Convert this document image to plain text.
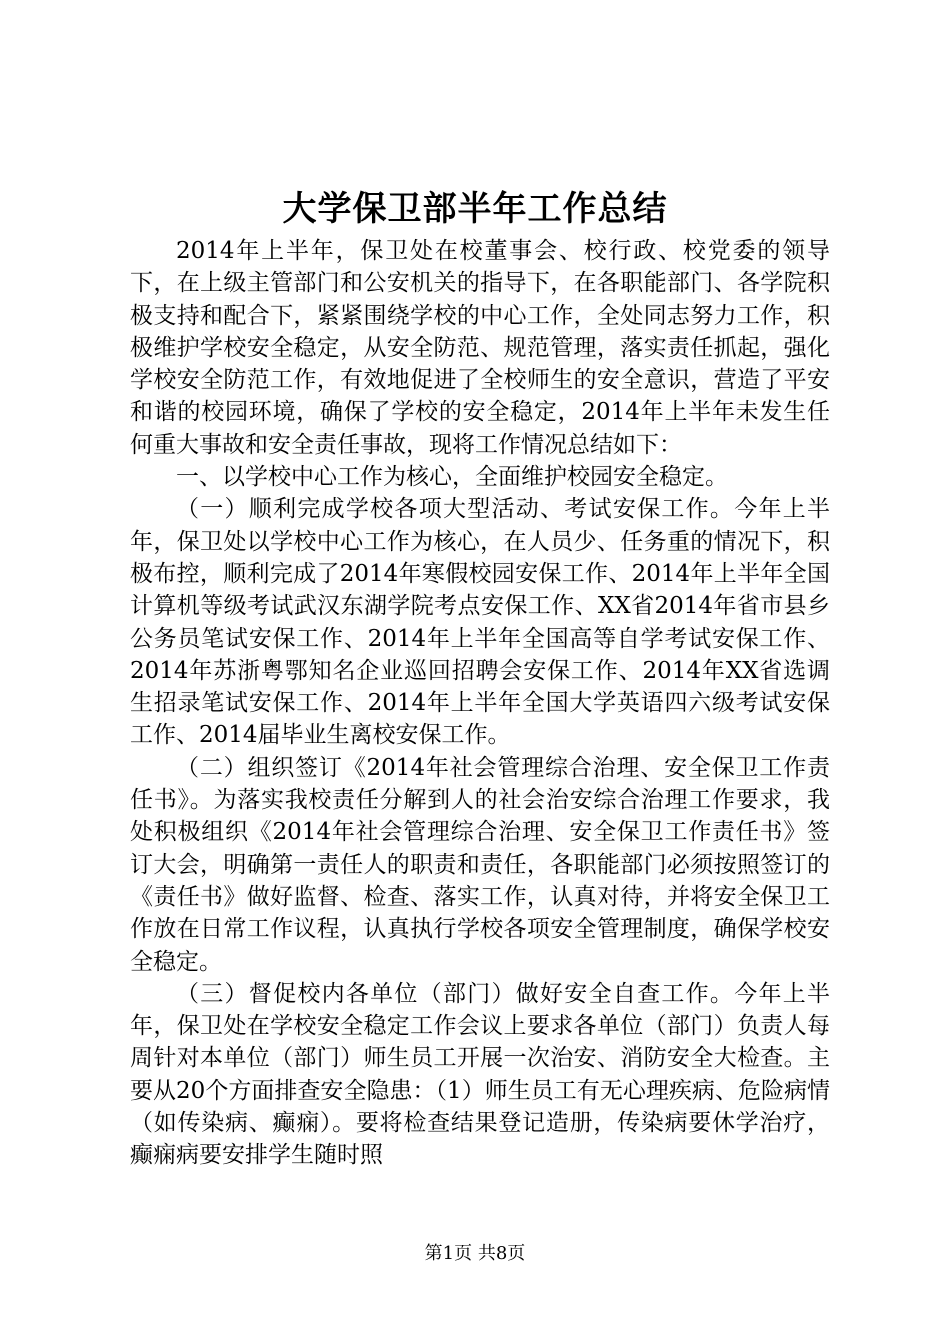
大学保卫部半年工作总结

2014年上半年，保卫处在校董事会、校行政、校党委的领导下，在上级主管部门和公安机关的指导下，在各职能部门、各学院积极支持和配合下，紧紧围绕学校的中心工作，全处同志努力工作，积极维护学校安全稳定，从安全防范、规范管理，落实责任抓起，强化学校安全防范工作，有效地促进了全校师生的安全意识，营造了平安和谐的校园环境，确保了学校的安全稳定，2014年上半年未发生任何重大事故和安全责任事故，现将工作情况总结如下：

一、以学校中心工作为核心，全面维护校园安全稳定。

（一）顺利完成学校各项大型活动、考试安保工作。今年上半年，保卫处以学校中心工作为核心，在人员少、任务重的情况下，积极布控，顺利完成了2014年寒假校园安保工作、2014年上半年全国计算机等级考试武汉东湖学院考点安保工作、XX省2014年省市县乡公务员笔试安保工作、2014年上半年全国高等自学考试安保工作、2014年苏浙粤鄂知名企业巡回招聘会安保工作、2014年XX省选调生招录笔试安保工作、2014年上半年全国大学英语四六级考试安保工作、2014届毕业生离校安保工作。

（二）组织签订《2014年社会管理综合治理、安全保卫工作责任书》。为落实我校责任分解到人的社会治安综合治理工作要求，我处积极组织《2014年社会管理综合治理、安全保卫工作责任书》签订大会，明确第一责任人的职责和责任，各职能部门必须按照签订的《责任书》做好监督、检查、落实工作，认真对待，并将安全保卫工作放在日常工作议程，认真执行学校各项安全管理制度，确保学校安全稳定。

（三）督促校内各单位（部门）做好安全自查工作。今年上半年，保卫处在学校安全稳定工作会议上要求各单位（部门）负责人每周针对本单位（部门）师生员工开展一次治安、消防安全大检查。主要从20个方面排查安全隐患：（1）师生员工有无心理疾病、危险病情（如传染病、癫痫）。要将检查结果登记造册，传染病要休学治疗，癫痫病要安排学生随时照

第1页 共8页
